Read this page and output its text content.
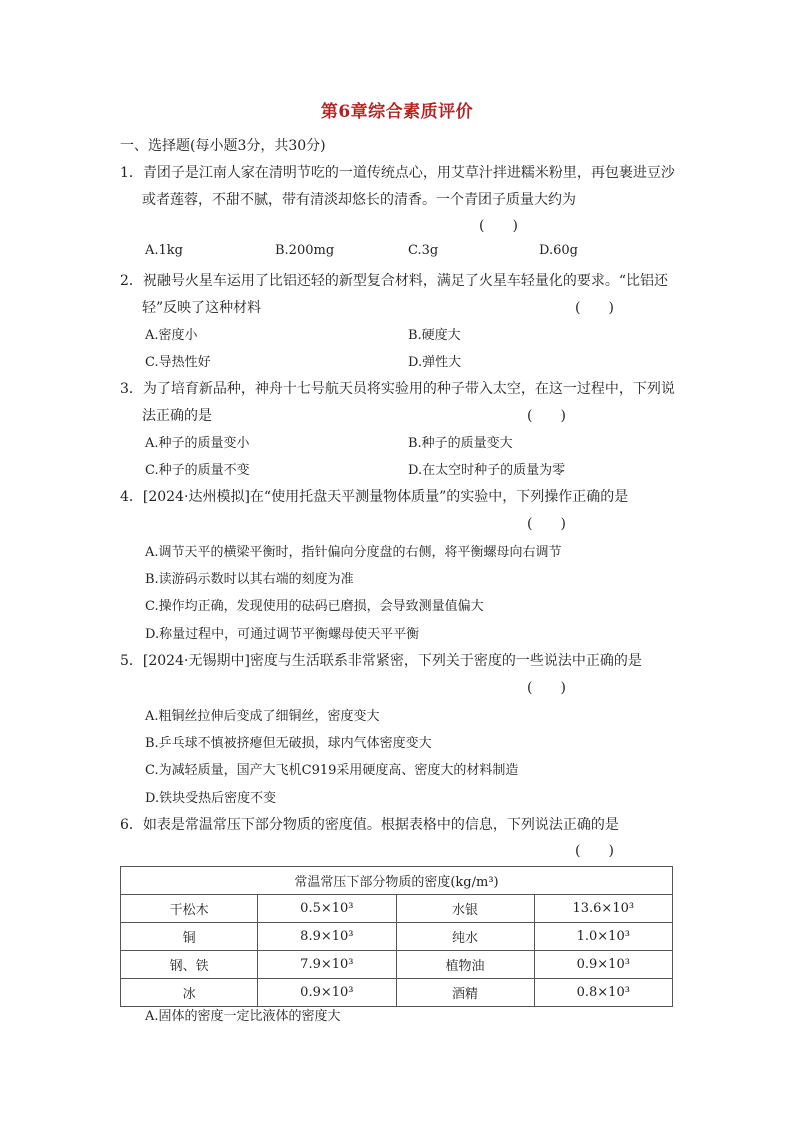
第6章综合素质评价
一、选择题(每小题3分，共30分)
1．青团子是江南人家在清明节吃的一道传统点心，用艾草汁拌进糯米粉里，再包裹进豆沙
或者莲蓉，不甜不腻，带有清淡却悠长的清香。一个青团子质量大约为
(　　)
A.1kg	B.200mg	C.3g	D.60g
2．祝融号火星车运用了比铝还轻的新型复合材料，满足了火星车轻量化的要求。“比铝还
轻”反映了这种材料	(　　)
A.密度小	B.硬度大
C.导热性好	D.弹性大
3．为了培育新品种，神舟十七号航天员将实验用的种子带入太空，在这一过程中，下列说
法正确的是	(　　)
A.种子的质量变小	B.种子的质量变大
C.种子的质量不变	D.在太空时种子的质量为零
4．[2024·达州模拟]在“使用托盘天平测量物体质量”的实验中，下列操作正确的是
(　　)
A.调节天平的横梁平衡时，指针偏向分度盘的右侧，将平衡螺母向右调节
B.读游码示数时以其右端的刻度为准
C.操作均正确，发现使用的砝码已磨损，会导致测量值偏大
D.称量过程中，可通过调节平衡螺母使天平平衡
5．[2024·无锡期中]密度与生活联系非常紧密，下列关于密度的一些说法中正确的是
(　　)
A.粗铜丝拉伸后变成了细铜丝，密度变大
B.乒乓球不慎被挤瘪但无破损，球内气体密度变大
C.为减轻质量，国产大飞机C919采用硬度高、密度大的材料制造
D.铁块受热后密度不变
6．如表是常温常压下部分物质的密度值。根据表格中的信息，下列说法正确的是
(　　)
常温常压下部分物质的密度(kg/m³)			
干松木	0.5×10³	水银	13.6×10³
铜	8.9×10³	纯水	1.0×10³
钢、铁	7.9×10³	植物油	0.9×10³
冰	0.9×10³	酒精	0.8×10³
A.固体的密度一定比液体的密度大
